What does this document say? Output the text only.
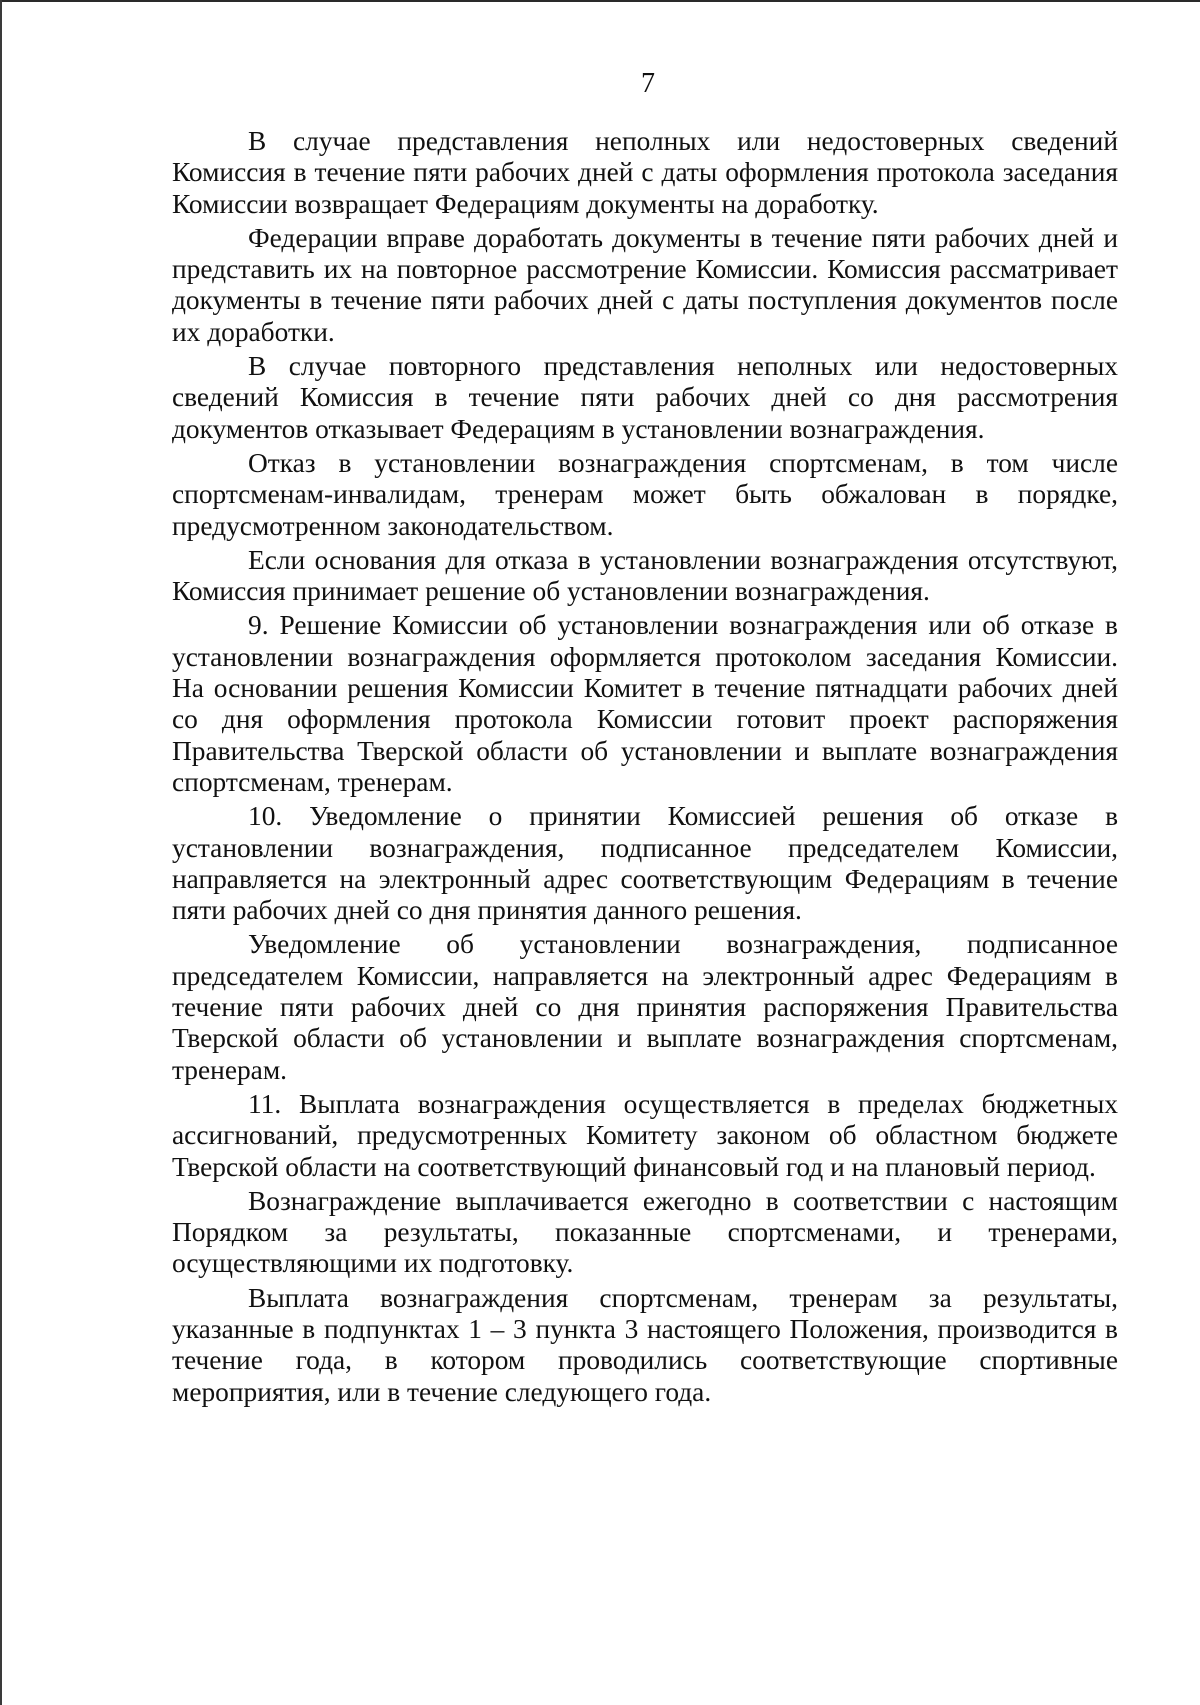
7

В случае представления неполных или недостоверных сведений Комиссия в течение пяти рабочих дней с даты оформления протокола заседания Комиссии возвращает Федерациям документы на доработку.

Федерации вправе доработать документы в течение пяти рабочих дней и представить их на повторное рассмотрение Комиссии. Комиссия рассматривает документы в течение пяти рабочих дней с даты поступления документов после их доработки.

В случае повторного представления неполных или недостоверных сведений Комиссия в течение пяти рабочих дней со дня рассмотрения документов отказывает Федерациям в установлении вознаграждения.

Отказ в установлении вознаграждения спортсменам, в том числе спортсменам-инвалидам, тренерам может быть обжалован в порядке, предусмотренном законодательством.

Если основания для отказа в установлении вознаграждения отсутствуют, Комиссия принимает решение об установлении вознаграждения.

9. Решение Комиссии об установлении вознаграждения или об отказе в установлении вознаграждения оформляется протоколом заседания Комиссии. На основании решения Комиссии Комитет в течение пятнадцати рабочих дней со дня оформления протокола Комиссии готовит проект распоряжения Правительства Тверской области об установлении и выплате вознаграждения спортсменам, тренерам.

10. Уведомление о принятии Комиссией решения об отказе в установлении вознаграждения, подписанное председателем Комиссии, направляется на электронный адрес соответствующим Федерациям в течение пяти рабочих дней со дня принятия данного решения.

Уведомление об установлении вознаграждения, подписанное председателем Комиссии, направляется на электронный адрес Федерациям в течение пяти рабочих дней со дня принятия распоряжения Правительства Тверской области об установлении и выплате вознаграждения спортсменам, тренерам.

11. Выплата вознаграждения осуществляется в пределах бюджетных ассигнований, предусмотренных Комитету законом об областном бюджете Тверской области на соответствующий финансовый год и на плановый период.

Вознаграждение выплачивается ежегодно в соответствии с настоящим Порядком за результаты, показанные спортсменами, и тренерами, осуществляющими их подготовку.

Выплата вознаграждения спортсменам, тренерам за результаты, указанные в подпунктах 1 – 3 пункта 3 настоящего Положения, производится в течение года, в котором проводились соответствующие спортивные мероприятия, или в течение следующего года.
